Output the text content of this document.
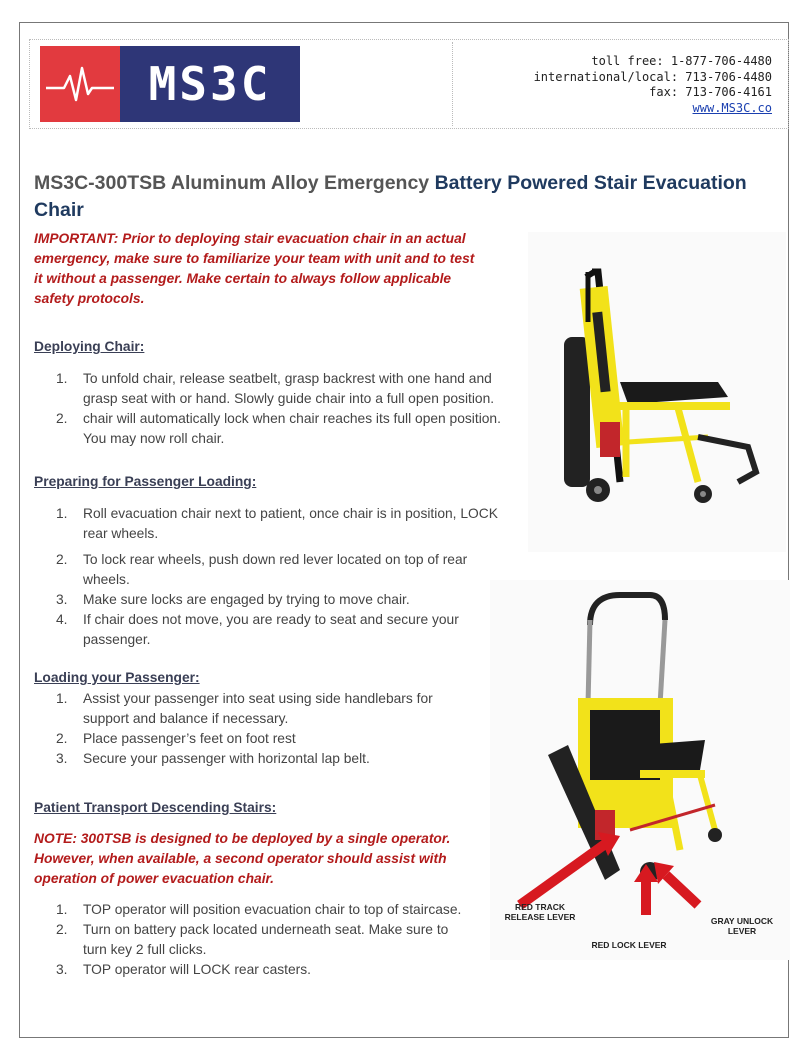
MS3C	toll free: 1-877-706-4480
international/local: 713-706-4480
fax: 713-706-4161
www.MS3C.co
MS3C-300TSB Aluminum Alloy Emergency Battery Powered Stair Evacuation Chair
IMPORTANT: Prior to deploying stair evacuation chair in an actual emergency, make sure to familiarize your team with unit and to test it without a passenger. Make certain to always follow applicable safety protocols.
Deploying Chair:
1. To unfold chair, release seatbelt, grasp backrest with one hand and grasp seat with or hand. Slowly guide chair into a full open position.
2. chair will automatically lock when chair reaches its full open position. You may now roll chair.
Preparing for Passenger Loading:
1. Roll evacuation chair next to patient, once chair is in position, LOCK rear wheels.
2. To lock rear wheels, push down red lever located on top of rear wheels.
3. Make sure locks are engaged by trying to move chair.
4. If chair does not move, you are ready to seat and secure your passenger.
Loading your Passenger:
1. Assist your passenger into seat using side handlebars for support and balance if necessary.
2. Place passenger’s feet on foot rest
3. Secure your passenger with horizontal lap belt.
Patient Transport Descending Stairs:
NOTE: 300TSB is designed to be deployed by a single operator. However, when available, a second operator should assist with operation of power evacuation chair.
1. TOP operator will position evacuation chair to top of staircase.
2. Turn on battery pack located underneath seat. Make sure to turn key 2 full clicks.
3. TOP operator will LOCK rear casters.
RED TRACK
RELEASE LEVER
RED LOCK LEVER
GRAY UNLOCK LEVER
